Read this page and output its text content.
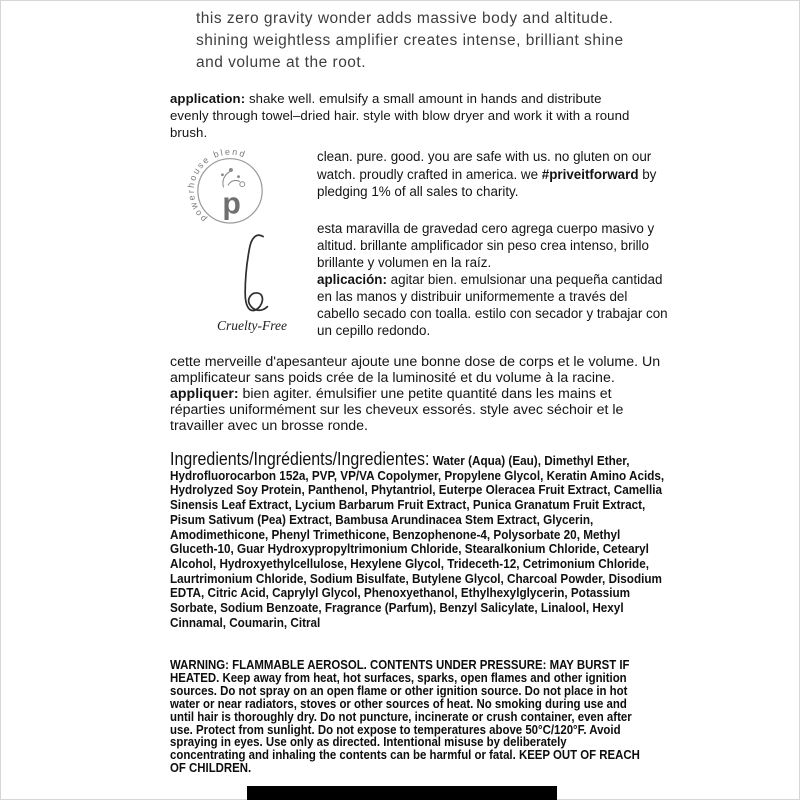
this zero gravity wonder adds massive body and altitude. shining weightless amplifier creates intense, brilliant shine and volume at the root.

application: shake well. emulsify a small amount in hands and distribute evenly through towel–dried hair. style with blow dryer and work it with a round brush.

powerhouse blend
p

clean. pure. good. you are safe with us. no gluten on our watch. proudly crafted in america. we #priveitforward by pledging 1% of all sales to charity.

Cruelty-Free

esta maravilla de gravedad cero agrega cuerpo masivo y altitud. brillante amplificador sin peso crea intenso, brillo brillante y volumen en la raíz.

aplicación: agitar bien. emulsionar una pequeña cantidad en las manos y distribuir uniformemente a través del cabello secado con toalla. estilo con secador y trabajar con un cepillo redondo.

cette merveille d'apesanteur ajoute une bonne dose de corps et le volume. Un amplificateur sans poids crée de la luminosité et du volume à la racine. appliquer: bien agiter. émulsifier une petite quantité dans les mains et réparties uniformément sur les cheveux essorés. style avec séchoir et le travailler avec un brosse ronde.

Ingredients/Ingrédients/Ingredientes: Water (Aqua) (Eau), Dimethyl Ether, Hydrofluorocarbon 152a, PVP, VP/VA Copolymer, Propylene Glycol, Keratin Amino Acids, Hydrolyzed Soy Protein, Panthenol, Phytantriol, Euterpe Oleracea Fruit Extract, Camellia Sinensis Leaf Extract, Lycium Barbarum Fruit Extract, Punica Granatum Fruit Extract, Pisum Sativum (Pea) Extract, Bambusa Arundinacea Stem Extract, Glycerin, Amodimethicone, Phenyl Trimethicone, Benzophenone-4, Polysorbate 20, Methyl Gluceth-10, Guar Hydroxypropyltrimonium Chloride, Stearalkonium Chloride, Cetearyl Alcohol, Hydroxyethylcellulose, Hexylene Glycol, Trideceth-12, Cetrimonium Chloride, Laurtrimonium Chloride, Sodium Bisulfate, Butylene Glycol, Charcoal Powder, Disodium EDTA, Citric Acid, Caprylyl Glycol, Phenoxyethanol, Ethylhexylglycerin, Potassium Sorbate, Sodium Benzoate, Fragrance (Parfum), Benzyl Salicylate, Linalool, Hexyl Cinnamal, Coumarin, Citral

WARNING: FLAMMABLE AEROSOL. CONTENTS UNDER PRESSURE: MAY BURST IF HEATED. Keep away from heat, hot surfaces, sparks, open flames and other ignition sources. Do not spray on an open flame or other ignition source. Do not place in hot water or near radiators, stoves or other sources of heat. No smoking during use and until hair is thoroughly dry. Do not puncture, incinerate or crush container, even after use. Protect from sunlight. Do not expose to temperatures above 50°C/120°F. Avoid spraying in eyes. Use only as directed. Intentional misuse by deliberately concentrating and inhaling the contents can be harmful or fatal. KEEP OUT OF REACH OF CHILDREN.
